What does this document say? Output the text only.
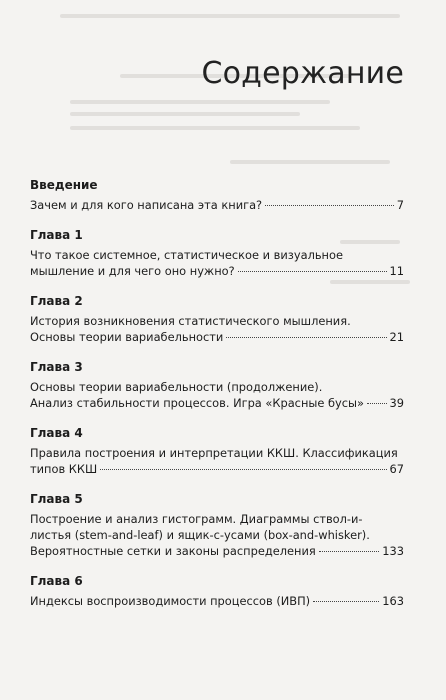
Содержание
Введение
Зачем и для кого написана эта книга?	7
Глава 1
Что такое системное, статистическое и визуальное
мышление и для чего оно нужно?	11
Глава 2
История возникновения статистического мышления.
Основы теории вариабельности	21
Глава 3
Основы теории вариабельности (продолжение).
Анализ стабильности процессов. Игра «Красные бусы» 39
Глава 4
Правила построения и интерпретации ККШ. Классификация
типов ККШ	67
Глава 5
Построение и анализ гистограмм. Диаграммы ствол-и-
листья (stem-and-leaf) и ящик-с-усами (box-and-whisker).
Вероятностные сетки и законы распределения	133
Глава 6
Индексы воспроизводимости процессов (ИВП)	163
